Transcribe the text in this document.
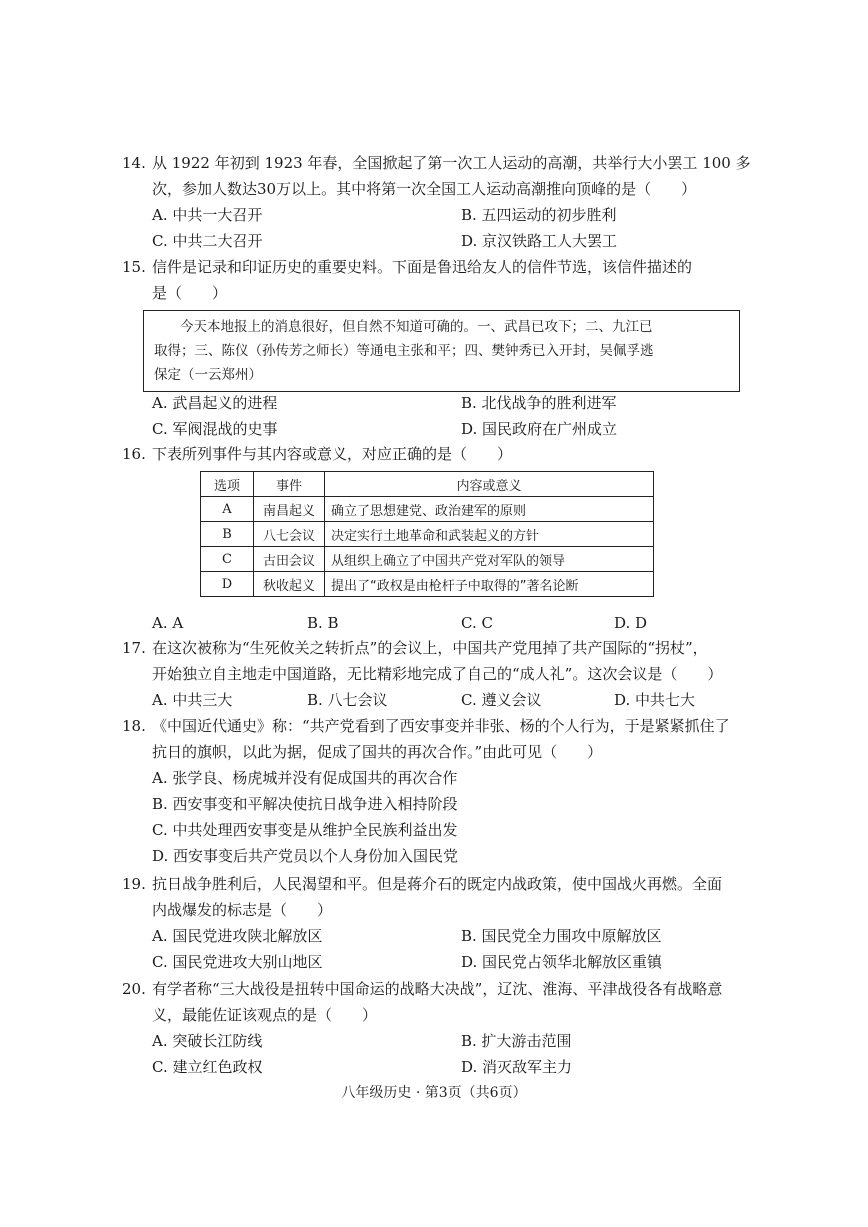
14. 从 1922 年初到 1923 年春，全国掀起了第一次工人运动的高潮，共举行大小罢工 100 多
次，参加人数达30万以上。其中将第一次全国工人运动高潮推向顶峰的是（　　）
A. 中共一大召开	B. 五四运动的初步胜利
C. 中共二大召开	D. 京汉铁路工人大罢工
15. 信件是记录和印证历史的重要史料。下面是鲁迅给友人的信件节选，该信件描述的
是（　　）
今天本地报上的消息很好，但自然不知道可确的。一、武昌已攻下；二、九江已
取得；三、陈仪（孙传芳之师长）等通电主张和平；四、樊钟秀已入开封，吴佩孚逃
保定（一云郑州）
A. 武昌起义的进程	B. 北伐战争的胜利进军
C. 军阀混战的史事	D. 国民政府在广州成立
16. 下表所列事件与其内容或意义，对应正确的是（　　）
选项	事件	内容或意义
A	南昌起义	确立了思想建党、政治建军的原则
B	八七会议	决定实行土地革命和武装起义的方针
C	古田会议	从组织上确立了中国共产党对军队的领导
D	秋收起义	提出了“政权是由枪杆子中取得的”著名论断
A. A	B. B	C. C	D. D
17. 在这次被称为“生死攸关之转折点”的会议上，中国共产党甩掉了共产国际的“拐杖”，
开始独立自主地走中国道路，无比精彩地完成了自己的“成人礼”。这次会议是（　　）
A. 中共三大	B. 八七会议	C. 遵义会议	D. 中共七大
18. 《中国近代通史》称：“共产党看到了西安事变并非张、杨的个人行为，于是紧紧抓住了
抗日的旗帜，以此为据，促成了国共的再次合作。”由此可见（　　）
A. 张学良、杨虎城并没有促成国共的再次合作
B. 西安事变和平解决使抗日战争进入相持阶段
C. 中共处理西安事变是从维护全民族利益出发
D. 西安事变后共产党员以个人身份加入国民党
19. 抗日战争胜利后，人民渴望和平。但是蒋介石的既定内战政策，使中国战火再燃。全面
内战爆发的标志是（　　）
A. 国民党进攻陕北解放区	B. 国民党全力围攻中原解放区
C. 国民党进攻大别山地区	D. 国民党占领华北解放区重镇
20. 有学者称“三大战役是扭转中国命运的战略大决战”，辽沈、淮海、平津战役各有战略意
义，最能佐证该观点的是（　　）
A. 突破长江防线	B. 扩大游击范围
C. 建立红色政权	D. 消灭敌军主力
八年级历史 · 第3页（共6页）
